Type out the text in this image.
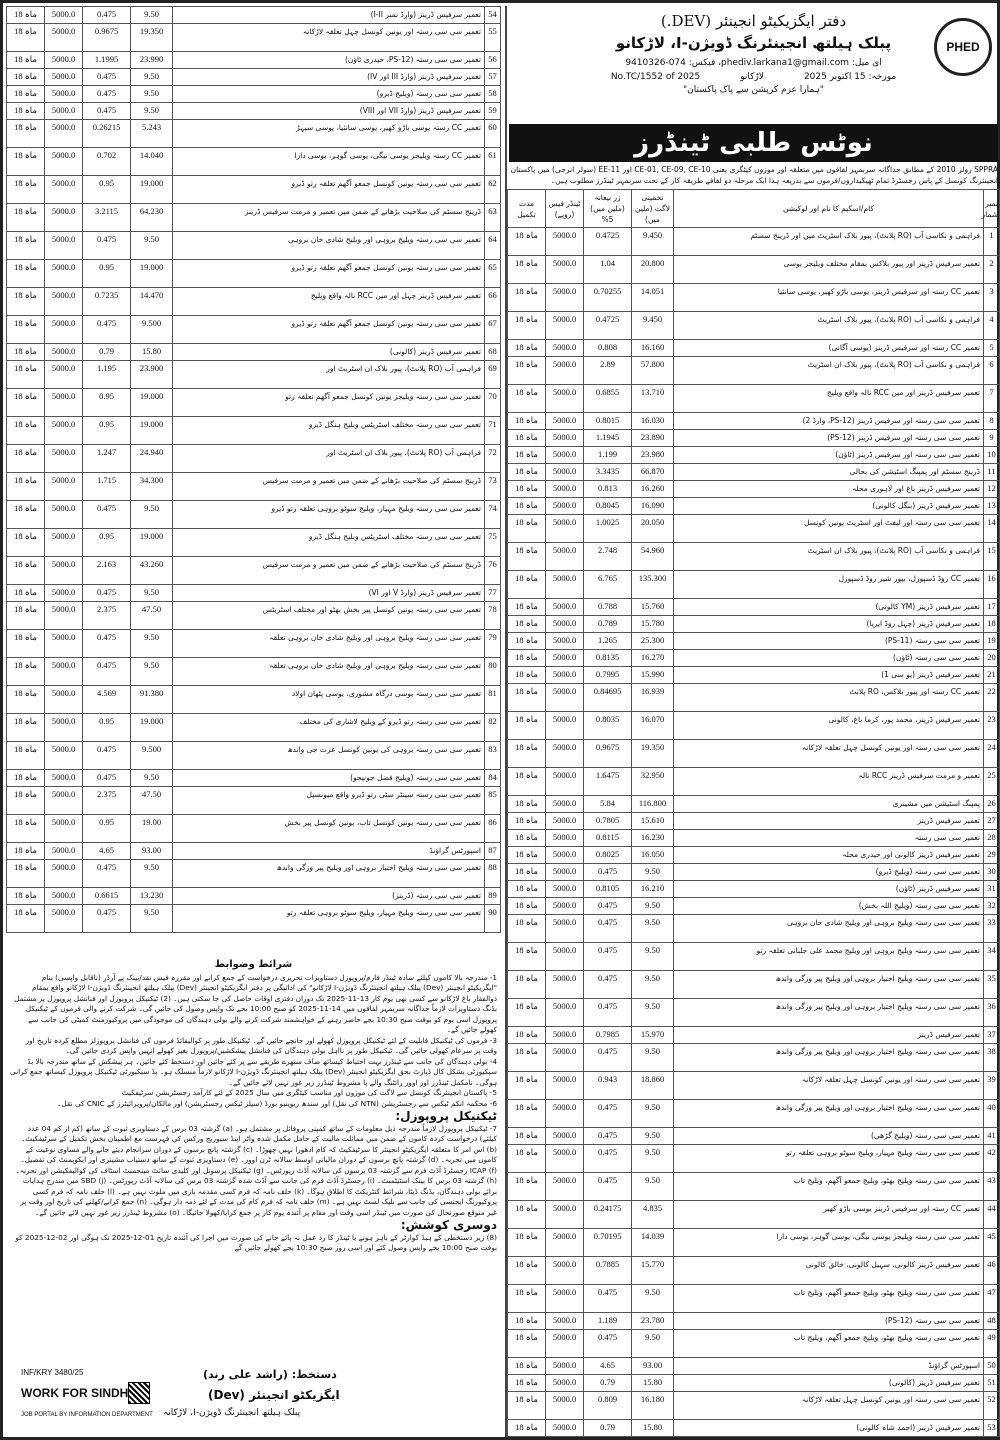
PHED
دفتر ایگزیکیٹو انجینئر (DEV.)
پبلک ہیلتھ انجینئرنگ ڈویژن-I، لاڑکانو
ای میل: phediv.larkana1@gmail.com، فیکس: 074-9410326
مورخہ: 15 اکتوبر 2025
لاڑکانو
No.TC/1552 of 2025
"ہمارا عزم کرپشن سے پاک پاکستان"
نوٹس طلبی ٹینڈرز
SPPRA رولز 2010 کے مطابق جداگانہ سربمہر لفافوں میں متعلقہ اور موزوں کیٹگری یعنی CE-01, CE-09, CE-10 اور EE-11 (سولر انرجی) میں پاکستان انجینئرنگ کونسل کے پاس رجسٹرڈ تمام ٹھیکیداروں/فرموں سے بذریعہ ہذا ایک مرحلہ دو لفافے طریقہ کار کے تحت سربمہر ٹینڈرز مطلوب ہیں۔
مدت تکمیل	ٹینڈر فیس (روپے)	زر بیعانہ (ملین میں) 5%	تخمینی لاگت (ملین میں)	کام/اسکیم کا نام اور لوکیشن	نمبر شمار
18 ماہ	5000.0	0.4725	9.450	فراہمی و نکاسی آب (RO پلانٹ)، پیور بلاک اسٹریٹ میں اور ڈرینج سسٹم	1
18 ماہ	5000.0	1.04	20.800	تعمیر سرفیس ڈرینز اور پیور بلاکس بمقام مختلف ویلیجز یوسی	2
18 ماہ	5000.0	0.70255	14.051	تعمیر CC رستہ اور سرفیس ڈرینز، یوسی باڑو کھیر، یوسی سانئیا	3
18 ماہ	5000.0	0.4725	9.450	فراہمی و نکاسی آب (RO پلانٹ)، پیور بلاک اسٹریٹ	4
18 ماہ	5000.0	0.808	16.160	تعمیر CC رستہ اور سرفیس ڈرینز (یوسی آگانی)	5
18 ماہ	5000.0	2.89	57.800	فراہمی و نکاسی آب (RO پلانٹ)، پیور بلاک ان اسٹریٹ	6
18 ماہ	5000.0	0.6855	13.710	تعمیر سرفیس ڈرینز اور مین RCC نالہ واقع ویلیج	7
18 ماہ	5000.0	0.8015	16.030	تعمیر سی سی رستہ اور سرفیس ڈرینز (PS-12، وارڈ 2)	8
18 ماہ	5000.0	1.1945	23.890	تعمیر سی سی رستہ اور سرفیس ڈرینز (PS-12)	9
18 ماہ	5000.0	1.199	23.980	تعمیر سی سی رستہ اور سرفیس ڈرینز (ٹاؤن)	10
18 ماہ	5000.0	3.3435	66.870	ڈرینج سسٹم اور پمپنگ اسٹیشن کی بحالی	11
18 ماہ	5000.0	0.813	16.260	تعمیر سرفیس ڈرینز باغ اور لاہوری محلہ	12
18 ماہ	5000.0	0.8045	16.090	تعمیر سرفیس ڈرینز (بنگل کالونی)	13
18 ماہ	5000.0	1.0025	20.050	تعمیر سی سی رستہ اور لیفٹ اور اسٹریٹ یونین کونسل	14
18 ماہ	5000.0	2.748	54.960	فراہمی و نکاسی آب (RO پلانٹ)، پیور بلاک ان اسٹریٹ	15
18 ماہ	5000.0	6.765	135.300	تعمیر CC روڈ ڈسپوزل، بیور شیر روڈ ڈسپوزل	16
18 ماہ	5000.0	0.788	15.760	تعمیر سرفیس ڈرینز (YM کالونی)	17
18 ماہ	5000.0	0.789	15.780	تعمیر سرفیس ڈرینز (چہل روڈ ایریا)	18
18 ماہ	5000.0	1.265	25.300	تعمیر سی سی رستہ (PS-11)	19
18 ماہ	5000.0	0.8135	16.270	تعمیر سی سی رستہ (ٹاؤن)	20
18 ماہ	5000.0	0.7995	15.990	تعمیر سرفیس ڈرینز (یو سی 1)	21
18 ماہ	5000.0	0.84695	16.939	تعمیر CC رستہ اور پیور بلاکس، RO پلانٹ	22
18 ماہ	5000.0	0.8035	16.070	تعمیر سرفیس ڈرینز، محمد پور، کرما باغ، کالونی	23
18 ماہ	5000.0	0.9675	19.350	تعمیر سی سی رستہ اور یونین کونسل چہل تعلقہ لاڑکانہ	24
18 ماہ	5000.0	1.6475	32.950	تعمیر و مرمت سرفیس ڈرینز RCC نالہ	25
18 ماہ	5000.0	5.84	116.800	پمپنگ اسٹیشن میں مشینری	26
18 ماہ	5000.0	0.7805	15.610	تعمیر سرفیس ڈرینز	27
18 ماہ	5000.0	0.8115	16.230	تعمیر سی سی رستہ	28
18 ماہ	5000.0	0.8025	16.050	تعمیر سرفیس ڈرینز کالونی اور حیدری محلہ	29
18 ماہ	5000.0	0.475	9.50	تعمیر سی سی رستہ (ویلیج ڈیرو)	30
18 ماہ	5000.0	0.8105	16.210	تعمیر سرفیس ڈرینز (ٹاؤن)	31
18 ماہ	5000.0	0.475	9.50	تعمیر سی سی رستہ (ویلیج اللہ بخش)	32
18 ماہ	5000.0	0.475	9.50	تعمیر سی سی رستہ ویلیج بروہی اور ویلیج شادی خان بروہی	33
18 ماہ	5000.0	0.475	9.50	تعمیر سی سی رستہ ویلیج بروہی اور ویلیج محمد علی جلبانی تعلقہ رتو	34
18 ماہ	5000.0	0.475	9.50	تعمیر سی سی رستہ ویلیج اختیار بروہی اور ویلیج پیر وزگی واندھ	35
18 ماہ	5000.0	0.475	9.50	تعمیر سی سی رستہ ویلیج اختیار بروہی اور ویلیج پیر وزگی واندھ	36
18 ماہ	5000.0	0.7985	15.970	تعمیر سرفیس ڈرینز	37
18 ماہ	5000.0	0.475	9.50	تعمیر سی سی رستہ ویلیج اختیار بروہی اور ویلیج پیر وزگی واندھ	38
18 ماہ	5000.0	0.943	18.860	تعمیر سی سی رستہ اور یونین کونسل چہل تعلقہ لاڑکانہ	39
18 ماہ	5000.0	0.475	9.50	تعمیر سی سی رستہ ویلیج اختیار بروہی اور ویلیج پیر وزگی واندھ	40
18 ماہ	5000.0	0.475	9.50	تعمیر سی سی رستہ (ویلیج گڑھی)	41
18 ماہ	5000.0	0.475	9.50	تعمیر سی سی رستہ ویلیج مہیار، ویلیج سوٹو بروہی تعلقہ رتو	42
18 ماہ	5000.0	0.475	9.50	تعمیر سی سی رستہ ویلیج بھٹو، ویلیج جمعو آگھم، ویلیج تاب	43
18 ماہ	5000.0	0.24175	4.835	تعمیر CC رستہ اور سرفیس ڈرینز یوسی باڑو کھیر	44
18 ماہ	5000.0	0.70195	14.039	تعمیر سی سی رستہ ویلیجز یوسی نیگی، یوسی گوہر، یوسی دارا	45
18 ماہ	5000.0	0.7885	15.770	تعمیر سرفیس ڈرینز کالونی، سہیل کالونی، خالق کالونی	46
18 ماہ	5000.0	0.475	9.50	تعمیر سی سی رستہ ویلیج بھٹو، ویلیج جمعو آگھم، ویلیج تاب	47
18 ماہ	5000.0	1.189	23.780	تعمیر سی سی رستہ (PS-12)	48
18 ماہ	5000.0	0.475	9.50	تعمیر سی سی رستہ ویلیج بھٹو، ویلیج جمعو آگھم، ویلیج تاب	49
18 ماہ	5000.0	4.65	93.00	اسپورٹس گراؤنڈ	50
18 ماہ	5000.0	0.79	15.80	تعمیر سرفیس ڈرینز (کالونی)	51
18 ماہ	5000.0	0.809	16.180	تعمیر سی سی رستہ اور یونین کونسل چہل تعلقہ لاڑکانہ	52
18 ماہ	5000.0	0.79	15.80	تعمیر سرفیس ڈرینز (احمد شاہ کالونی)	53
18 ماہ	5000.0	0.475	9.50	تعمیر سرفیس ڈرینز (وارڈ نمبر I-II)	54
18 ماہ	5000.0	0.9675	19.350	تعمیر سی سی رستہ اور یونین کونسل چہل تعلقہ لاڑکانہ	55
18 ماہ	5000.0	1.1995	23.990	تعمیر سی سی رستہ (PS-12، حیدری ٹاؤن)	56
18 ماہ	5000.0	0.475	9.50	تعمیر سرفیس ڈرینز (وارڈ III اور IV)	57
18 ماہ	5000.0	0.475	9.50	تعمیر سی سی رستہ (ویلیج ڈیرو)	58
18 ماہ	5000.0	0.475	9.50	تعمیر سرفیس ڈرینز (وارڈ VII اور VIII)	59
18 ماہ	5000.0	0.26215	5.243	تعمیر CC رستہ یوسی باڑو کھیر، یوسی سانئیا، یوسی سیہڑ	60
18 ماہ	5000.0	0.702	14.040	تعمیر CC رستہ ویلیجز یوسی نیگی، یوسی گوہر، یوسی دارا	61
18 ماہ	5000.0	0.95	19.000	تعمیر سی سی رستہ یونین کونسل جمعو آگھم تعلقہ رتو ڈیرو	62
18 ماہ	5000.0	3.2115	64.230	ڈرینج سسٹم کی صلاحیت بڑھانے کے ضمن میں تعمیر و مرمت سرفیس ڈرینز	63
18 ماہ	5000.0	0.475	9.50	تعمیر سی سی رستہ ویلیج بروہی اور ویلیج شادی خان بروہی	64
18 ماہ	5000.0	0.95	19.000	تعمیر سی سی رستہ یونین کونسل جمعو آگھم تعلقہ رتو ڈیرو	65
18 ماہ	5000.0	0.7235	14.470	تعمیر سرفیس ڈرینز چہل اور مین RCC نالہ واقع ویلیج	66
18 ماہ	5000.0	0.475	9.500	تعمیر سی سی رستہ یونین کونسل جمعو آگھم تعلقہ رتو ڈیرو	67
18 ماہ	5000.0	0.79	15.80	تعمیر سرفیس ڈرینز (کالونی)	68
18 ماہ	5000.0	1.195	23.900	فراہمی آب (RO پلانٹ)، پیور بلاک ان اسٹریٹ اور	69
18 ماہ	5000.0	0.95	19.000	تعمیر سی سی رستہ ویلیجز یونین کونسل جمعو آگھم تعلقہ رتو	70
18 ماہ	5000.0	0.95	19.000	تعمیر سی سی رستہ مختلف اسٹریٹس ویلیج ہنگل ڈیرو	71
18 ماہ	5000.0	1.247	24.940	فراہمی آب (RO پلانٹ)، پیور بلاک ان اسٹریٹ اور	72
18 ماہ	5000.0	1.715	34.300	ڈرینج سسٹم کی صلاحیت بڑھانے کے ضمن میں تعمیر و مرمت سرفیس	73
18 ماہ	5000.0	0.475	9.50	تعمیر سی سی رستہ ویلیج مہیار، ویلیج سوٹو بروہی تعلقہ رتو ڈیرو	74
18 ماہ	5000.0	0.95	19.000	تعمیر سی سی رستہ مختلف اسٹریٹس ویلیج ہنگل ڈیرو	75
18 ماہ	5000.0	2.163	43.260	ڈرینج سسٹم کی صلاحیت بڑھانے کے ضمن میں تعمیر و مرمت سرفیس	76
18 ماہ	5000.0	0.475	9.50	تعمیر سرفیس ڈرینز (وارڈ V اور VI)	77
18 ماہ	5000.0	2.375	47.50	تعمیر سی سی رستہ یونین کونسل پیر بخش بھٹو اور مختلف اسٹریٹس	78
18 ماہ	5000.0	0.475	9.50	تعمیر سی سی رستہ ویلیج بروہی اور ویلیج شادی خان بروہی تعلقہ	79
18 ماہ	5000.0	0.475	9.50	تعمیر سی سی رستہ ویلیج بروہی اور ویلیج شادی خان بروہی تعلقہ	80
18 ماہ	5000.0	4.569	91.380	تعمیر سی سی رستہ یوسی درگاہ مشوری، یوسی پٹھان اولاد	81
18 ماہ	5000.0	0.95	19.000	تعمیر سی سی رستہ رتو ڈیرو کے ویلیج لاشاری کی مختلف	82
18 ماہ	5000.0	0.475	9.500	تعمیر سی سی رستہ بروہی کی یونین کونسل عزت جی واندھ	83
18 ماہ	5000.0	0.475	9.50	تعمیر سی سی رستہ (ویلیج فضل جونیجو)	84
18 ماہ	5000.0	2.375	47.50	تعمیر سی سی رستہ سینٹر سٹی رتو ڈیرو واقع میونسپل	85
18 ماہ	5000.0	0.95	19.00	تعمیر سی سی رستہ یونین کونسل تاب، یونین کونسل پیر بخش	86
18 ماہ	5000.0	4.65	93.00	اسپورٹس گراؤنڈ	87
18 ماہ	5000.0	0.475	9.50	تعمیر سی سی رستہ ویلیج اختیار بروہی اور ویلیج پیر وزگی واندھ	88
18 ماہ	5000.0	0.6615	13.230	تعمیر سی سی رستہ (ڈرینز)	89
18 ماہ	5000.0	0.475	9.50	تعمیر سی سی رستہ ویلیج مہیار، ویلیج سوٹو بروہی تعلقہ رتو	90
شرائط وضوابط

1- مندرجہ بالا کاموں کیلئے سادہ ٹینڈر فارم/پروپوزل دستاویزات تحریری درخواست کے جمع کرانے اور مقررہ فیس نقد/بینک پے آرڈر (ناقابل واپسی) بنام "ایگزیکیٹو انجینئر (Dev) پبلک ہیلتھ انجینئرنگ ڈویژن-I لاڑکانو" کی ادائیگی پر دفتر ایگزیکیٹو انجینئر (Dev) پبلک ہیلتھ انجینئرنگ ڈویژن-I لاڑکانو واقع بمقام ذوالفقار باغ لاڑکانو سے کسی بھی یوم کار 13-11-2025 تک دوران دفتری اوقات حاصل کی جا سکتی ہیں۔ (2) ٹیکنیکل پروپوزل اور فنانشل پروپوزل پر مشتمل بڈنگ دستاویزات لازماً جداگانہ سربمہر لفافوں میں 14-11-2025 کو صبح 10:00 بجے تک واپس وصول کی جائیں گی۔ شرکت کرنے والی فرموں کے ٹیکنیکل پروپوزل اسی یوم کو بوقت صبح 10:30 بجے حاضر رہنے کے خواہشمند شرکت کرنے والے بولی دہندگان کی موجودگی میں پروکیورمنٹ کمیٹی کی جانب سے کھولے جائیں گے۔

3- فرموں کی ٹیکنیکل قابلیت کے لئے ٹیکنیکل پروپوزل کھولے اور جانچے جائیں گے۔ ٹیکنیکل طور پر کوالیفائڈ فرموں کی فنانشل پروپوزلز مطلع کردہ تاریخ اور وقت پر سرعام کھولی جائیں گی۔ ٹیکنیکل طور پر نااہل بولی دہندگان کی فنانشل پیشکشیں/پروپوزل بغیر کھولے انہیں واپس کردی جائیں گی۔

4- بولی دہندگان کی جانب سے ٹینڈرز بہت احتیاط کیساتھ صاف ستھرے طریقے سے پر کئے جائیں اور دستخط کئے جائیں۔ ہر پیشکش کے ساتھ مندرجہ بالا بڈ سیکیورٹی بشکل کال ڈپازٹ بحق ایگزیکیٹو انجینئر (Dev) پبلک ہیلتھ انجینئرنگ ڈویژن-I لاڑکانو لازماً منسلک ہو۔ بڈ سیکیورٹی ٹیکنیکل پروپوزل کیساتھ جمع کرانی ہوگی۔ نامکمل ٹینڈرز اور اوور رائٹنگ والے یا مشروط ٹینڈرز زیر غور نہیں لائے جائیں گے۔

5- پاکستان انجینئرنگ کونسل سے لاگت کی موزوں اور مناسب کیٹگری میں سال 2025 کے لئے کارآمد رجسٹریشن سرٹیفکیٹ

6- محکمہ انکم ٹیکس سے رجسٹریشن (NTN کی نقل) اور سندھ ریوینیو بورڈ (سیلز ٹیکس رجسٹریشن) اور مالکان/پروپرائیٹرز کے CNIC کی نقل۔

ٹیکنیکل پروپوزل:

7- ٹیکنیکل پروپوزل لازماً مندرجہ ذیل معلومات کے ساتھ کمپنی پروفائل پر مشتمل ہو۔ (a) گزشتہ 03 برس کے دستاویزی ثبوت کے ساتھ (کم از کم 04 عدد کیلئے) درخواست کردہ کاموں کے ضمن میں مماثلت مالیت کے حامل مکمل شدہ واٹر اینڈ سیوریج ورکس کی فہرست مع اطمینان بخش تکمیل کے سرٹیفکیٹ۔ (b) اس امر کا متعلقہ ایگزیکیٹو انجینئر کا سرٹیفکیٹ کہ کام ادھورا نہیں چھوڑا۔ (c) گزشتہ پانچ برسوں کے دوران سرانجام دیئے جانے والے مساوی نوعیت کے کاموں میں تجربہ۔ (d) گزشتہ پانچ برسوں کے دوران مالیاتی اوسط سالانہ ٹرن اوور۔ (e) دستاویزی ثبوت کے ساتھ دستیاب مشینری اور ایکوپمنٹ کی تفصیل۔ (f) ICAP رجسٹرڈ آڈٹ فرم سے گزشتہ 03 برسوں کی سالانہ آڈٹ رپورٹس۔ (g) ٹیکنیکل پرسونل اور کلیدی سائٹ مینجمنٹ اسٹاف کی کوالیفکیشن اور تجربہ۔ (h) گزشتہ 03 برس کا بینک اسٹیٹمنٹ۔ (i) رجسٹرڈ آڈٹ فرم کی جانب سے آڈٹ شدہ گزشتہ 03 برس کی سالانہ آڈٹ رپورٹس۔ (j) SBD میں مندرج ہدایات برائے بولی دہندگان، بڈنگ ڈیٹا، شرائط کنٹریکٹ کا اطلاق ہوگا۔ (k) حلف نامہ کہ فرم کسی مقدمہ بازی میں ملوث نہیں ہے۔ (l) حلف نامہ کہ فرم کسی پروکیورنگ ایجنسی کی جانب سے بلیک لسٹ نہیں ہے۔ (m) حلف نامہ کہ فرم کام کی مدت کے لئے ذمہ دار ہوگی۔ (n) جمع کرانے/کھلنے کی تاریخ اور وقت پر غیر متوقع صورتحال کی صورت میں ٹینڈر اسی وقت اور مقام پر آئندہ یوم کار پر جمع کرایا/کھولا جائیگا۔ (o) مشروط ٹینڈرز زیر غور نہیں لائے جائیں گے۔

دوسری کوشش:

(8) زیر دستخطی کے ہیڈ کوارٹر کے باہر ہونے یا ٹینڈر کا رد عمل نہ پائے جانے کی صورت میں اجرا کی آئندہ تاریخ 01-12-2025 تک ہوگی اور 02-12-2025 کو بوقت صبح 10:00 بجے واپس وصول کئے اور اسی روز صبح 10:30 بجے کھولے جائیں گے

دستخط: (راشد علی رند)
ایگزیکٹو انجینئر (Dev)
پبلک ہیلتھ انجینئرنگ ڈویژن-I، لاڑکانہ
INF/KRY 3480/25
WORK FOR SINDH
JOB PORTAL BY INFORMATION DEPARTMENT
